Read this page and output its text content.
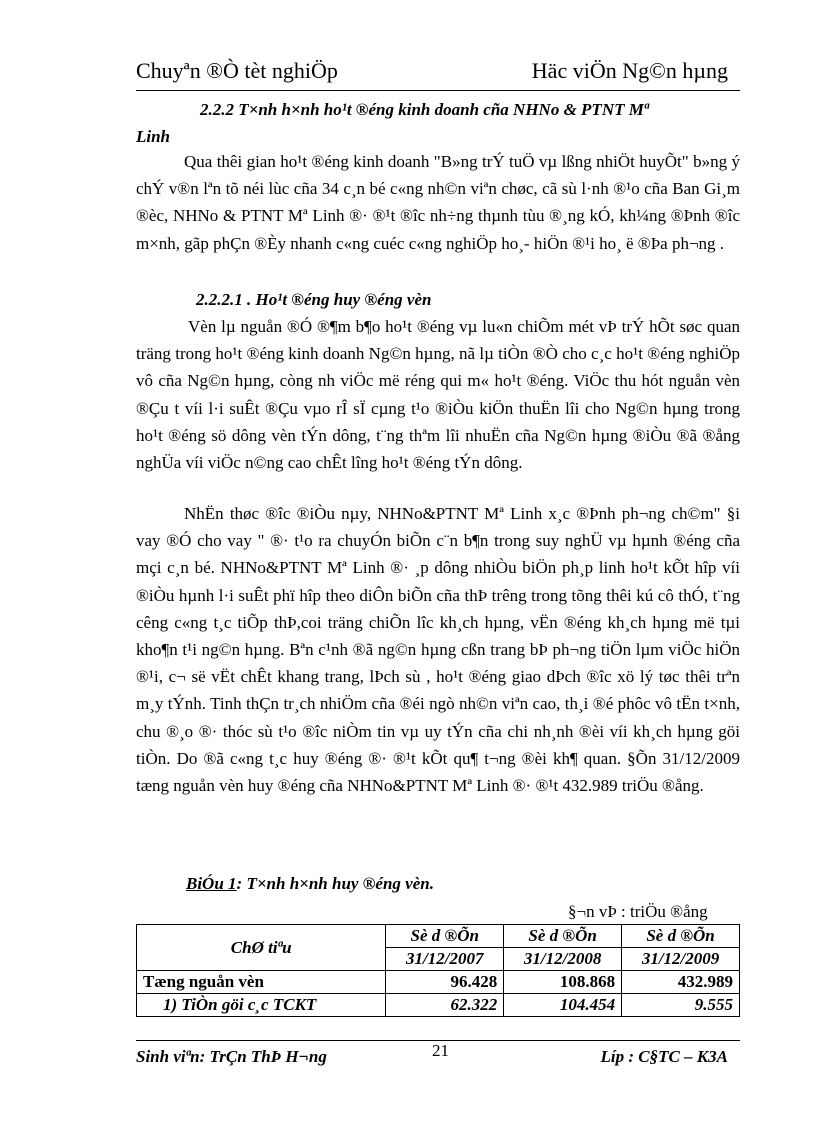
Chuyªn ®Ò tèt nghiÖp	Häc viÖn Ng©n hµng
2.2.2 T×nh h×nh ho¹t ®éng kinh doanh cña NHNo & PTNT Mª
Linh
Qua thêi gian ho¹t ®éng kinh doanh "B»ng trÝ tuÖ vµ lßng nhiÖt huyÕt" b»ng ý chÝ v®n lªn tõ néi lùc cña 34 c¸n bé c«ng nh©n viªn chøc, cã sù l·nh ®¹o cña Ban Gi¸m ®èc, NHNo & PTNT Mª Linh ®· ®¹t ®îc nh÷ng thµnh tùu ®¸ng kÓ, kh¼ng ®Þnh ®îc m×nh, gãp phÇn ®Èy nhanh c«ng cuéc c«ng nghiÖp ho¸- hiÖn ®¹i ho¸ ë ®Þa ph¬ng .
2.2.2.1 . Ho¹t ®éng huy ®éng vèn
Vèn lµ nguån ®Ó ®¶m b¶o ho¹t ®éng vµ lu«n chiÕm mét vÞ trÝ hÕt søc quan träng trong ho¹t ®éng kinh doanh Ng©n hµng, nã lµ tiÒn ®Ò cho c¸c ho¹t ®éng nghiÖp vô cña Ng©n hµng, còng nh viÖc më réng qui m« ho¹t ®éng. ViÖc thu hót nguån vèn ®Çu t víi l·i suÊt ®Çu vµo rÎ sÏ cµng t¹o ®iÒu kiÖn thuËn lîi cho Ng©n hµng trong ho¹t ®éng sö dông vèn tÝn dông, t¨ng thªm lîi nhuËn cña Ng©n hµng ®iÒu ®ã ®ång nghÜa víi viÖc n©ng cao chÊt lîng ho¹t ®éng tÝn dông.
NhËn thøc ®îc ®iÒu nµy, NHNo&PTNT Mª Linh x¸c ®Þnh ph¬ng ch©m" §i vay ®Ó cho vay " ®· t¹o ra chuyÓn biÕn c¨n b¶n trong suy nghÜ vµ hµnh ®éng cña mçi c¸n bé. NHNo&PTNT Mª Linh ®· ¸p dông nhiÒu biÖn ph¸p linh ho¹t kÕt hîp víi ®iÒu hµnh l·i suÊt phï hîp theo diÔn biÕn cña thÞ trêng trong tõng thêi kú cô thÓ, t¨ng cêng c«ng t¸c tiÕp thÞ,coi träng chiÕn lîc kh¸ch hµng, vËn ®éng kh¸ch hµng më tµi kho¶n t¹i ng©n hµng. Bªn c¹nh ®ã ng©n hµng cßn trang bÞ ph¬ng tiÖn lµm viÖc hiÖn ®¹i, c¬ së vËt chÊt khang trang, lÞch sù , ho¹t ®éng giao dÞch ®îc xö lý tøc thêi trªn m¸y tÝnh. Tinh thÇn tr¸ch nhiÖm cña ®éi ngò nh©n viªn cao, th¸i ®é phôc vô tËn t×nh, chu ®¸o ®· thóc sù t¹o ®îc niÒm tin vµ uy tÝn cña chi nh¸nh ®èi víi kh¸ch hµng göi tiÒn. Do ®ã c«ng t¸c huy ®éng ®· ®¹t kÕt qu¶ t¬ng ®èi kh¶ quan. §Õn 31/12/2009 tæng nguån vèn huy ®éng cña NHNo&PTNT Mª Linh ®· ®¹t 432.989 triÖu ®ång.
BiÓu 1: T×nh h×nh huy ®éng vèn.
§¬n vÞ : triÖu ®ång
ChØ tiªu	Sè d ®Õn	Sè d ®Õn	Sè d ®Õn
	31/12/2007	31/12/2008	31/12/2009
Tæng nguån vèn	96.428	108.868	432.989
1) TiÒn göi c¸c TCKT	62.322	104.454	9.555
Sinh viªn: TrÇn ThÞ H¬ng	21	Líp : C§TC – K3A
